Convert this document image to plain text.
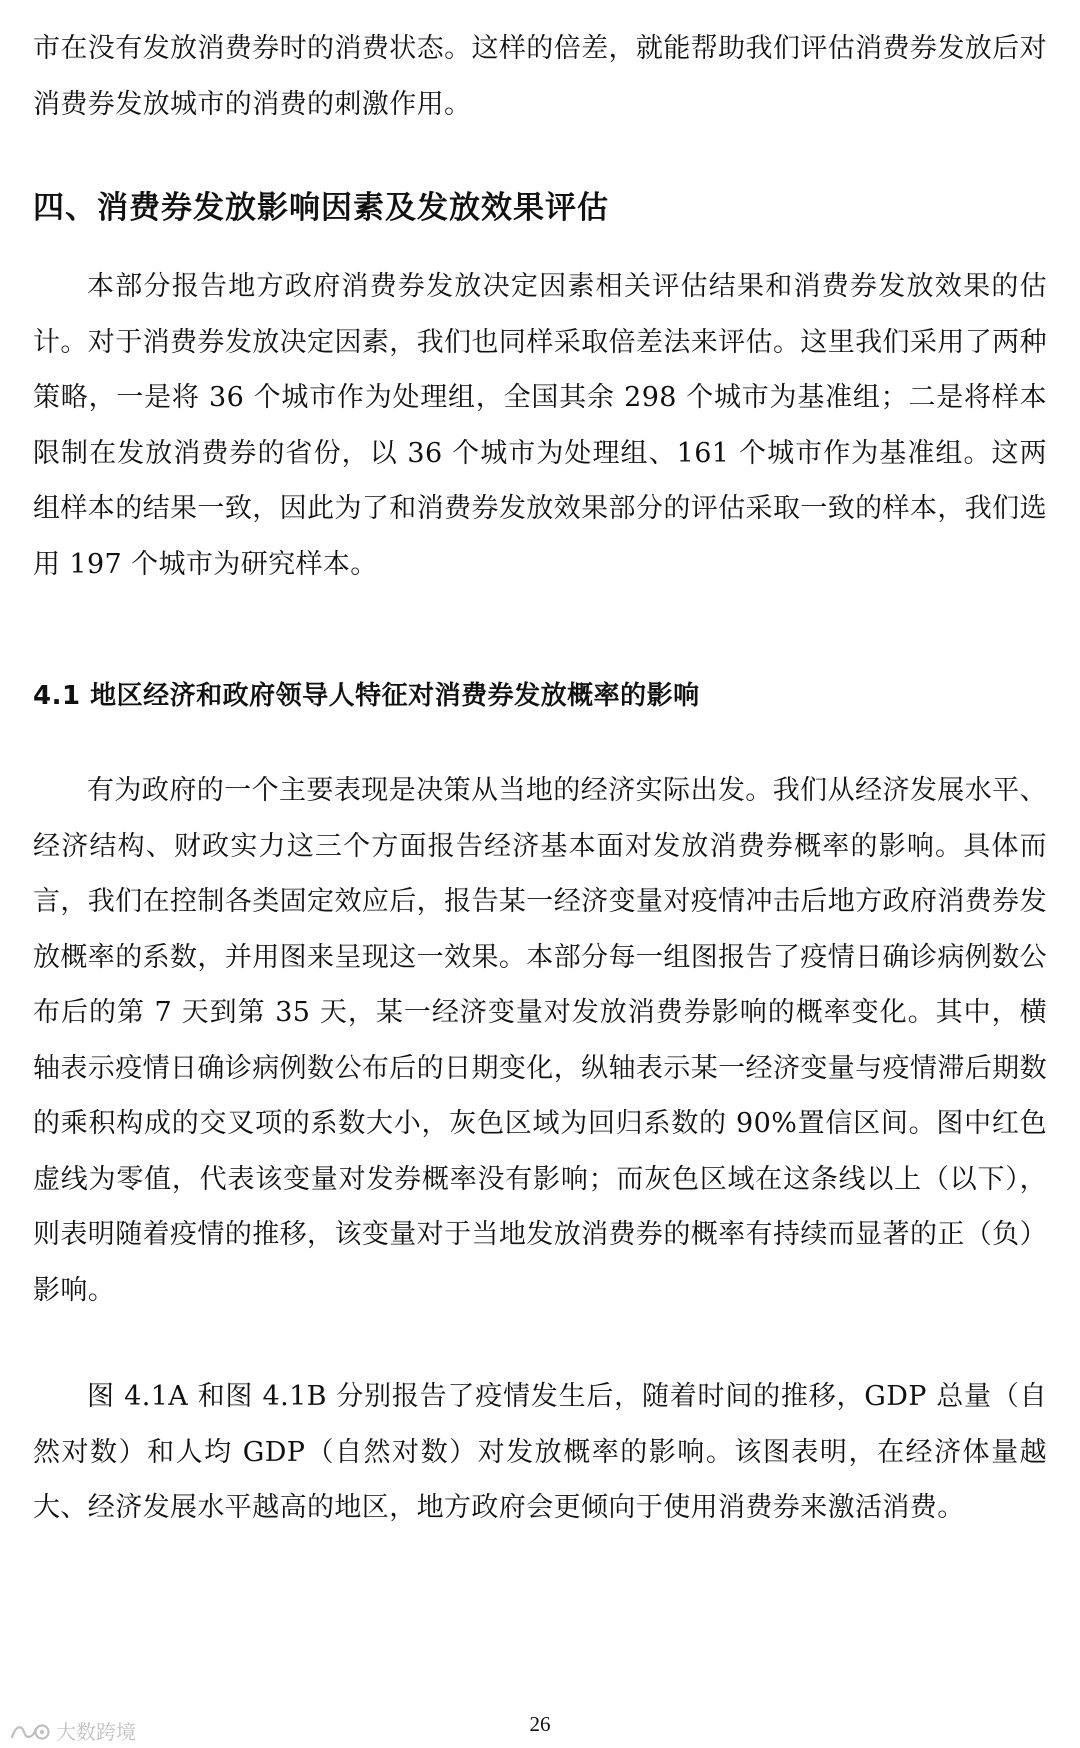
市在没有发放消费券时的消费状态。这样的倍差，就能帮助我们评估消费券发放后对消费券发放城市的消费的刺激作用。

四、消费券发放影响因素及发放效果评估

本部分报告地方政府消费券发放决定因素相关评估结果和消费券发放效果的估计。对于消费券发放决定因素，我们也同样采取倍差法来评估。这里我们采用了两种策略，一是将 36 个城市作为处理组，全国其余 298 个城市为基准组；二是将样本限制在发放消费券的省份，以 36 个城市为处理组、161 个城市作为基准组。这两组样本的结果一致，因此为了和消费券发放效果部分的评估采取一致的样本，我们选用 197 个城市为研究样本。

4.1 地区经济和政府领导人特征对消费券发放概率的影响

有为政府的一个主要表现是决策从当地的经济实际出发。我们从经济发展水平、经济结构、财政实力这三个方面报告经济基本面对发放消费券概率的影响。具体而言，我们在控制各类固定效应后，报告某一经济变量对疫情冲击后地方政府消费券发放概率的系数，并用图来呈现这一效果。本部分每一组图报告了疫情日确诊病例数公布后的第 7 天到第 35 天，某一经济变量对发放消费券影响的概率变化。其中，横轴表示疫情日确诊病例数公布后的日期变化，纵轴表示某一经济变量与疫情滞后期数的乘积构成的交叉项的系数大小，灰色区域为回归系数的 90%置信区间。图中红色虚线为零值，代表该变量对发券概率没有影响；而灰色区域在这条线以上（以下），则表明随着疫情的推移，该变量对于当地发放消费券的概率有持续而显著的正（负）影响。

图 4.1A 和图 4.1B 分别报告了疫情发生后，随着时间的推移，GDP 总量（自然对数）和人均 GDP（自然对数）对发放概率的影响。该图表明，在经济体量越大、经济发展水平越高的地区，地方政府会更倾向于使用消费券来激活消费。

26
大数跨境
